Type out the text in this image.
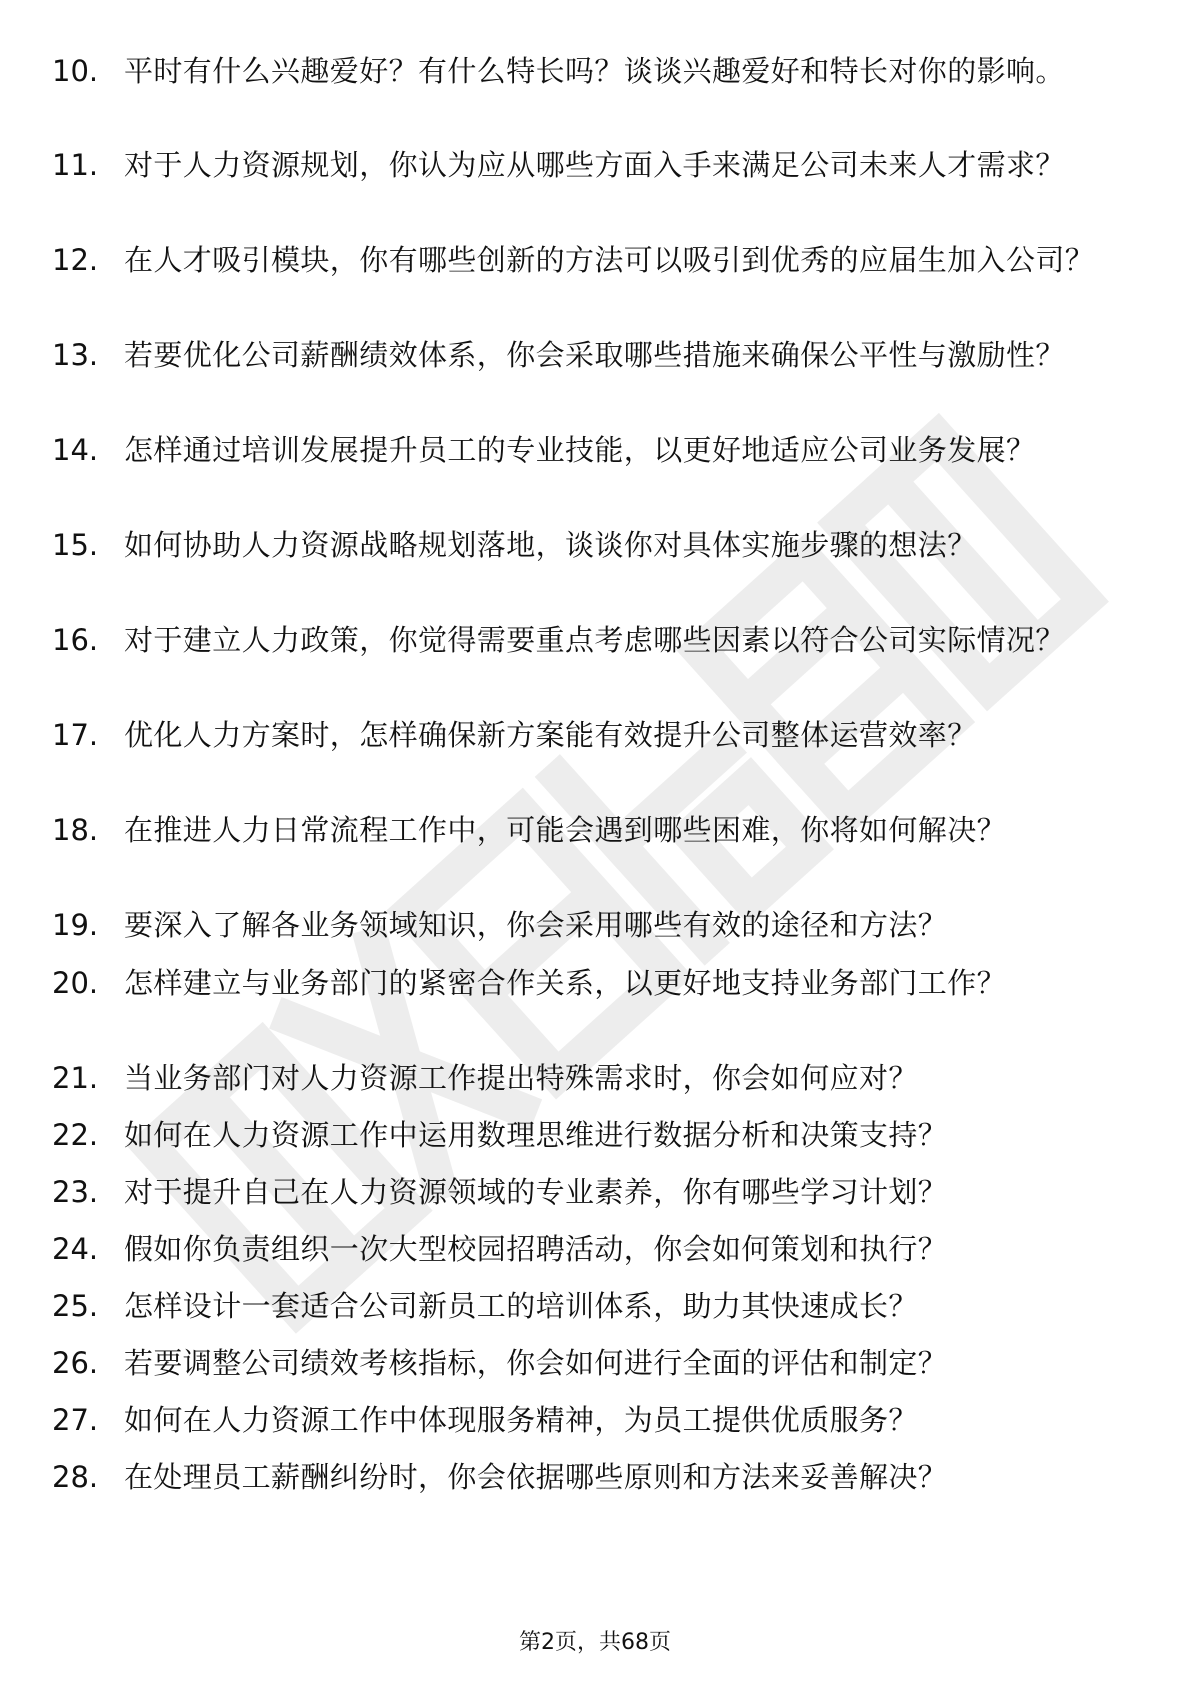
10. 平时有什么兴趣爱好？有什么特长吗？谈谈兴趣爱好和特长对你的影响。
11. 对于人力资源规划，你认为应从哪些方面入手来满足公司未来人才需求？
12. 在人才吸引模块，你有哪些创新的方法可以吸引到优秀的应届生加入公司？
13. 若要优化公司薪酬绩效体系，你会采取哪些措施来确保公平性与激励性？
14. 怎样通过培训发展提升员工的专业技能，以更好地适应公司业务发展？
15. 如何协助人力资源战略规划落地，谈谈你对具体实施步骤的想法？
16. 对于建立人力政策，你觉得需要重点考虑哪些因素以符合公司实际情况？
17. 优化人力方案时，怎样确保新方案能有效提升公司整体运营效率？
18. 在推进人力日常流程工作中，可能会遇到哪些困难，你将如何解决？
19. 要深入了解各业务领域知识，你会采用哪些有效的途径和方法？
20. 怎样建立与业务部门的紧密合作关系，以更好地支持业务部门工作？
21. 当业务部门对人力资源工作提出特殊需求时，你会如何应对？
22. 如何在人力资源工作中运用数理思维进行数据分析和决策支持？
23. 对于提升自己在人力资源领域的专业素养，你有哪些学习计划？
24. 假如你负责组织一次大型校园招聘活动，你会如何策划和执行？
25. 怎样设计一套适合公司新员工的培训体系，助力其快速成长？
26. 若要调整公司绩效考核指标，你会如何进行全面的评估和制定？
27. 如何在人力资源工作中体现服务精神，为员工提供优质服务？
28. 在处理员工薪酬纠纷时，你会依据哪些原则和方法来妥善解决？
第2页，共68页
